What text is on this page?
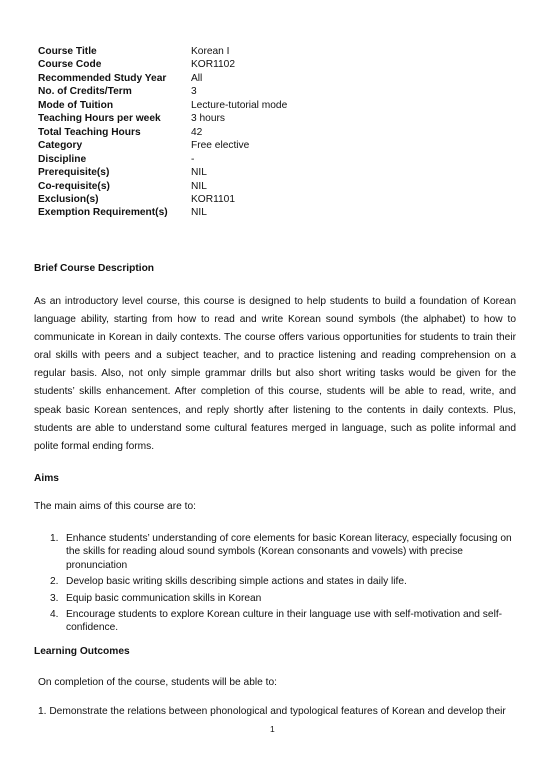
Course Title	Korean I
Course Code	KOR1102
Recommended Study Year	All
No. of Credits/Term	3
Mode of Tuition	Lecture-tutorial mode
Teaching Hours per week	3 hours
Total Teaching Hours	42
Category	Free elective
Discipline	-
Prerequisite(s)	NIL
Co-requisite(s)	NIL
Exclusion(s)	KOR1101
Exemption Requirement(s)	NIL
Brief Course Description

As an introductory level course, this course is designed to help students to build a foundation of Korean language ability, starting from how to read and write Korean sound symbols (the alphabet) to how to communicate in Korean in daily contexts. The course offers various opportunities for students to train their oral skills with peers and a subject teacher, and to practice listening and reading comprehension on a regular basis. Also, not only simple grammar drills but also short writing tasks would be given for the students’ skills enhancement. After completion of this course, students will be able to read, write, and speak basic Korean sentences, and reply shortly after listening to the contents in daily contexts. Plus, students are able to understand some cultural features merged in language, such as polite informal and polite formal ending forms.

Aims
The main aims of this course are to:
1. Enhance students’ understanding of core elements for basic Korean literacy, especially focusing on the skills for reading aloud sound symbols (Korean consonants and vowels) with precise pronunciation
2. Develop basic writing skills describing simple actions and states in daily life.
3. Equip basic communication skills in Korean
4. Encourage students to explore Korean culture in their language use with self-motivation and self-confidence.
Learning Outcomes
On completion of the course, students will be able to:
1. Demonstrate the relations between phonological and typological features of Korean and develop their
1
